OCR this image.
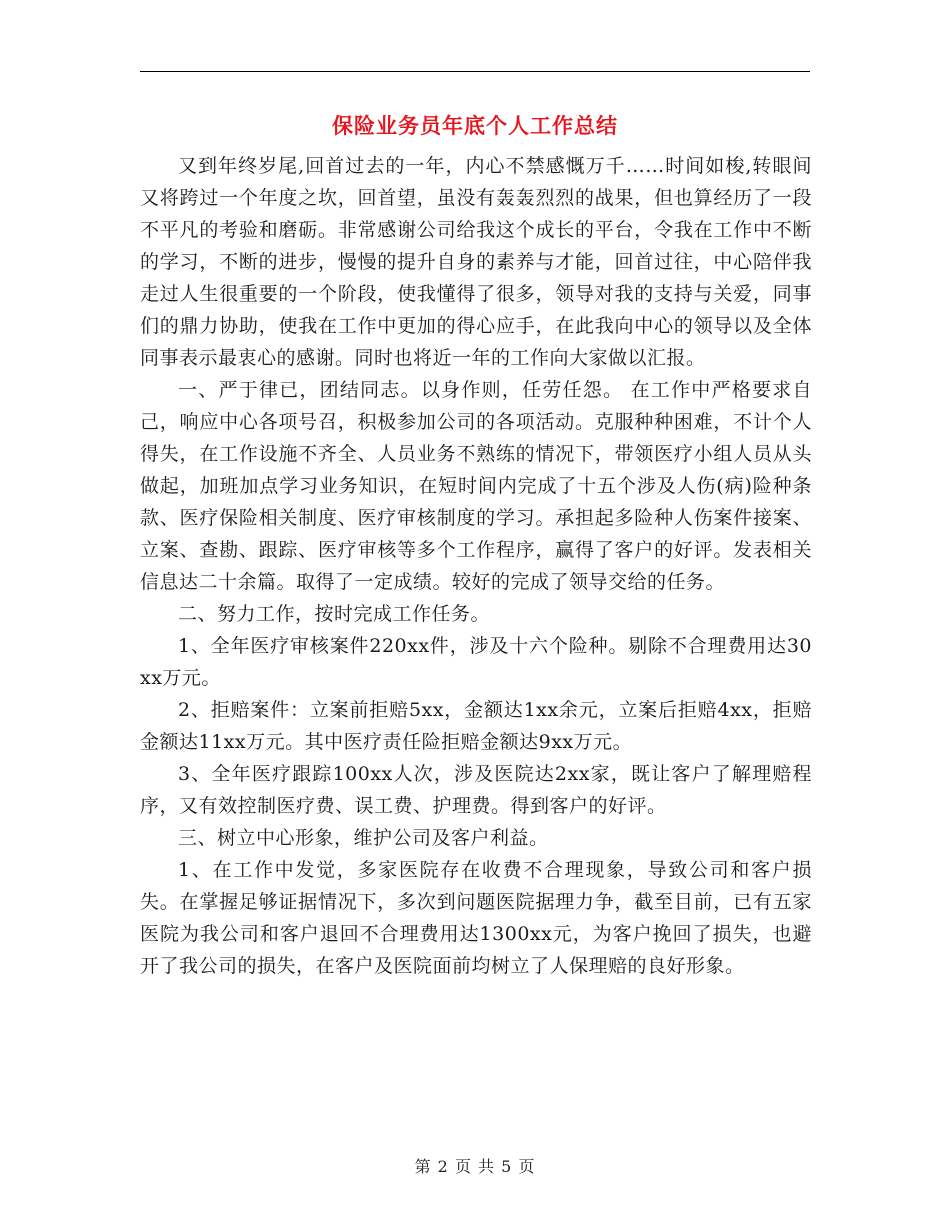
保险业务员年底个人工作总结

又到年终岁尾,回首过去的一年，内心不禁感慨万千……时间如梭,转眼间又将跨过一个年度之坎，回首望，虽没有轰轰烈烈的战果，但也算经历了一段不平凡的考验和磨砺。非常感谢公司给我这个成长的平台，令我在工作中不断的学习，不断的进步，慢慢的提升自身的素养与才能，回首过往，中心陪伴我走过人生很重要的一个阶段，使我懂得了很多，领导对我的支持与关爱，同事们的鼎力协助，使我在工作中更加的得心应手，在此我向中心的领导以及全体同事表示最衷心的感谢。同时也将近一年的工作向大家做以汇报。

一、严于律已，团结同志。以身作则，任劳任怨。 在工作中严格要求自己，响应中心各项号召，积极参加公司的各项活动。克服种种困难，不计个人得失，在工作设施不齐全、人员业务不熟练的情况下，带领医疗小组人员从头做起，加班加点学习业务知识，在短时间内完成了十五个涉及人伤(病)险种条款、医疗保险相关制度、医疗审核制度的学习。承担起多险种人伤案件接案、立案、查勘、跟踪、医疗审核等多个工作程序，赢得了客户的好评。发表相关信息达二十余篇。取得了一定成绩。较好的完成了领导交给的任务。

二、努力工作，按时完成工作任务。

1、全年医疗审核案件220xx件，涉及十六个险种。剔除不合理费用达30xx万元。

2、拒赔案件：立案前拒赔5xx，金额达1xx余元，立案后拒赔4xx，拒赔金额达11xx万元。其中医疗责任险拒赔金额达9xx万元。

3、全年医疗跟踪100xx人次，涉及医院达2xx家，既让客户了解理赔程序，又有效控制医疗费、误工费、护理费。得到客户的好评。

三、树立中心形象，维护公司及客户利益。

1、在工作中发觉，多家医院存在收费不合理现象，导致公司和客户损失。在掌握足够证据情况下，多次到问题医院据理力争，截至目前，已有五家医院为我公司和客户退回不合理费用达1300xx元，为客户挽回了损失，也避开了我公司的损失，在客户及医院面前均树立了人保理赔的良好形象。

第 2 页 共 5 页
